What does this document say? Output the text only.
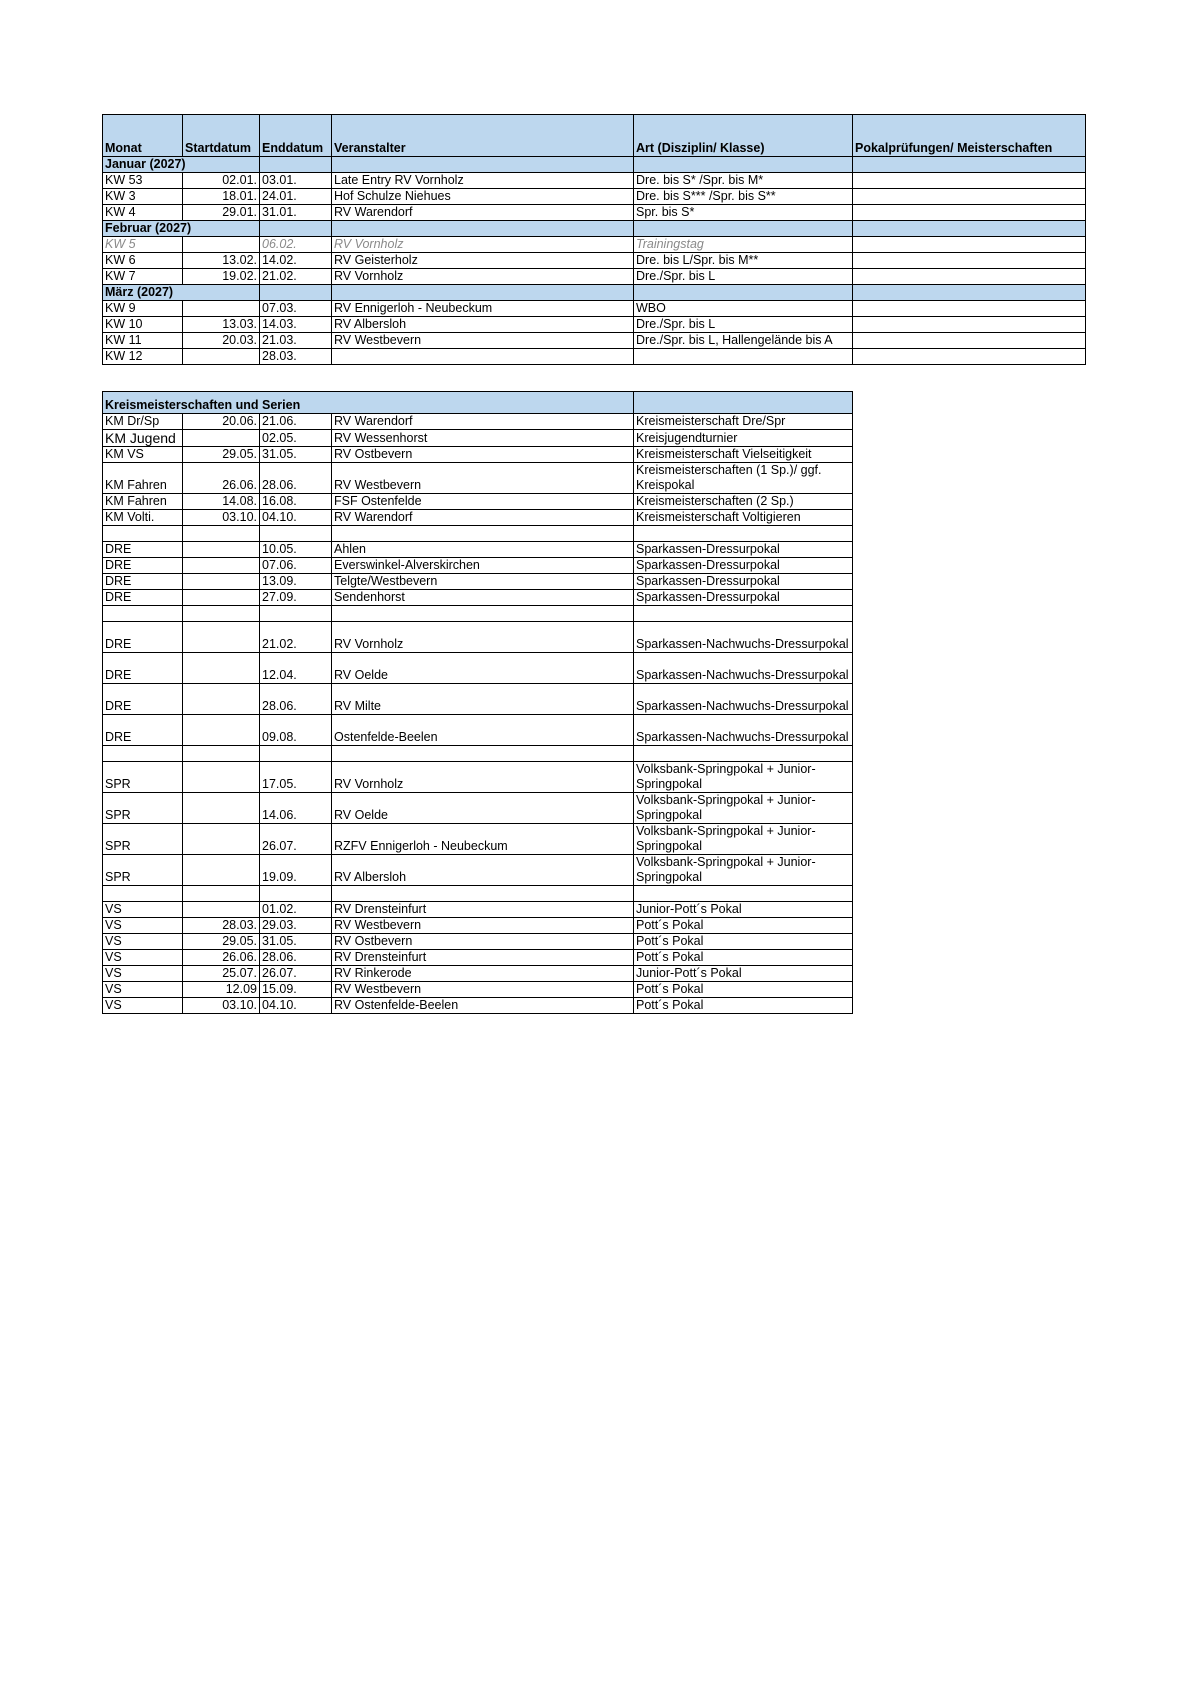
Monat	Startdatum	Enddatum	Veranstalter	Art (Disziplin/ Klasse)	Pokalprüfungen/ Meisterschaften
Januar (2027)					
KW 53	02.01.	03.01.	Late Entry RV Vornholz	Dre. bis S* /Spr. bis M*	
KW 3	18.01.	24.01.	Hof Schulze Niehues	Dre. bis S*** /Spr. bis S**	
KW 4	29.01.	31.01.	RV Warendorf	Spr. bis S*	
Februar (2027)					
KW 5		06.02.	RV Vornholz	Trainingstag	
KW 6	13.02.	14.02.	RV Geisterholz	Dre. bis L/Spr. bis M**	
KW 7	19.02.	21.02.	RV Vornholz	Dre./Spr. bis L	
März (2027)					
KW 9		07.03.	RV Ennigerloh - Neubeckum	WBO	
KW 10	13.03.	14.03.	RV Albersloh	Dre./Spr. bis L	
KW 11	20.03.	21.03.	RV Westbevern	Dre./Spr. bis L, Hallengelände bis A	
KW 12		28.03.			
Kreismeisterschaften und Serien				
KM Dr/Sp	20.06.	21.06.	RV Warendorf	Kreismeisterschaft Dre/Spr
KM Jugend		02.05.	RV Wessenhorst	Kreisjugendturnier
KM VS	29.05.	31.05.	RV Ostbevern	Kreismeisterschaft Vielseitigkeit
KM Fahren	26.06.	28.06.	RV Westbevern	Kreismeisterschaften (1 Sp.)/ ggf. Kreispokal
KM Fahren	14.08.	16.08.	FSF Ostenfelde	Kreismeisterschaften (2 Sp.)
KM Volti.	03.10.	04.10.	RV Warendorf	Kreismeisterschaft Voltigieren

DRE		10.05.	Ahlen	Sparkassen-Dressurpokal
DRE		07.06.	Everswinkel-Alverskirchen	Sparkassen-Dressurpokal
DRE		13.09.	Telgte/Westbevern	Sparkassen-Dressurpokal
DRE		27.09.	Sendenhorst	Sparkassen-Dressurpokal

DRE		21.02.	RV Vornholz	Sparkassen-Nachwuchs-Dressurpokal
DRE		12.04.	RV Oelde	Sparkassen-Nachwuchs-Dressurpokal
DRE		28.06.	RV Milte	Sparkassen-Nachwuchs-Dressurpokal
DRE		09.08.	Ostenfelde-Beelen	Sparkassen-Nachwuchs-Dressurpokal

SPR		17.05.	RV Vornholz	Volksbank-Springpokal + Junior-Springpokal
SPR		14.06.	RV Oelde	Volksbank-Springpokal + Junior-Springpokal
SPR		26.07.	RZFV Ennigerloh - Neubeckum	Volksbank-Springpokal + Junior-Springpokal
SPR		19.09.	RV Albersloh	Volksbank-Springpokal + Junior-Springpokal

VS		01.02.	RV Drensteinfurt	Junior-Pott´s Pokal
VS	28.03.	29.03.	RV Westbevern	Pott´s Pokal
VS	29.05.	31.05.	RV Ostbevern	Pott´s Pokal
VS	26.06.	28.06.	RV Drensteinfurt	Pott´s Pokal
VS	25.07.	26.07.	RV Rinkerode	Junior-Pott´s Pokal
VS	12.09	15.09.	RV Westbevern	Pott´s Pokal
VS	03.10.	04.10.	RV Ostenfelde-Beelen	Pott´s Pokal
